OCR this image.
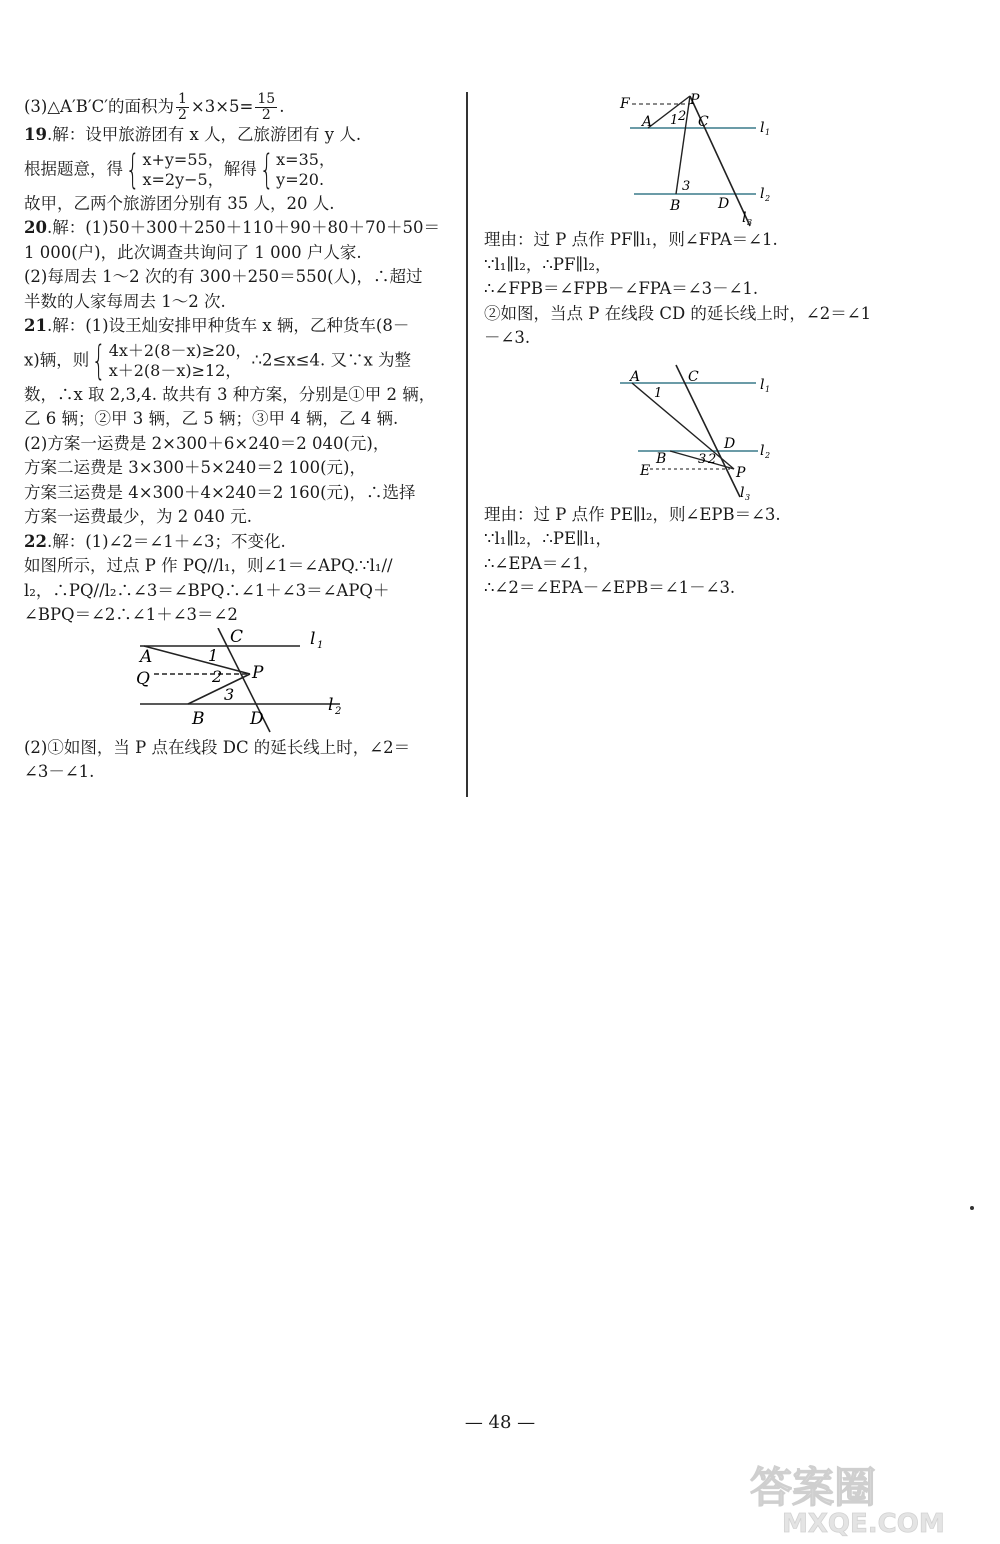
(3)△A′B′C′的面积为 $\frac{1}{2} \times 3\times 5= \frac{15}{2}$ .

19.解：设甲旅游团有 x 人，乙旅游团有 y 人.

根据题意，得 { x+y=55，
x=2y−5，
解得 { x=35，
y=20.

故甲，乙两个旅游团分别有 35 人，20 人.

20.解：(1)50＋300＋250＋110＋90＋80＋70＋50＝

1 000(户)，此次调查共询问了 1 000 户人家.

(2)每周去 1～2 次的有 300＋250＝550(人)，∴超过

半数的人家每周去 1～2 次.

21.解：(1)设王灿安排甲种货车 x 辆，乙种货车(8－

x)辆，则 { 4x＋2(8－x)≥20，
x＋2(8－x)≥12，
∴2≤x≤4. 又∵x 为整

数，∴x 取 2,3,4. 故共有 3 种方案，分别是①甲 2 辆，

乙 6 辆；②甲 3 辆，乙 5 辆；③甲 4 辆，乙 4 辆.

(2)方案一运费是 2×300＋6×240＝2 040(元)，

方案二运费是 3×300＋5×240＝2 100(元)，

方案三运费是 4×300＋4×240＝2 160(元)，∴选择

方案一运费最少，为 2 040 元.

22.解：(1)∠2＝∠1＋∠3；不变化.

如图所示，过点 P 作 PQ//l₁，则∠1＝∠APQ.∵l₁//

l₂，∴PQ//l₂∴∠3＝∠BPQ∴∠1＋∠3＝∠APQ＋

∠BPQ＝∠2∴∠1＋∠3＝∠2

C	l 1
A	1
Q	2 P
3
B	D
l 2

(2)①如图，当 P 点在线段 DC 的延长线上时，∠2＝

∠3－∠1.

F	P
A 1 2 C	l 1
3
B	D
l 2
l 3

理由：过 P 点作 PF∥l₁，则∠FPA＝∠1.

∵l₁∥l₂，∴PF∥l₂，

∴∠FPB＝∠FPB－∠FPA＝∠3－∠1.

②如图，当点 P 在线段 CD 的延长线上时，∠2＝∠1

－∠3.

A
1
C	l 1
D
B 3 2
l 2
E	P
l 3

理由：过 P 点作 PE∥l₂，则∠EPB＝∠3.

∵l₁∥l₂，∴PE∥l₁，

∴∠EPA＝∠1，

∴∠2＝∠EPA－∠EPB＝∠1－∠3.

— 48 —
答案圈
MXQE.COM
